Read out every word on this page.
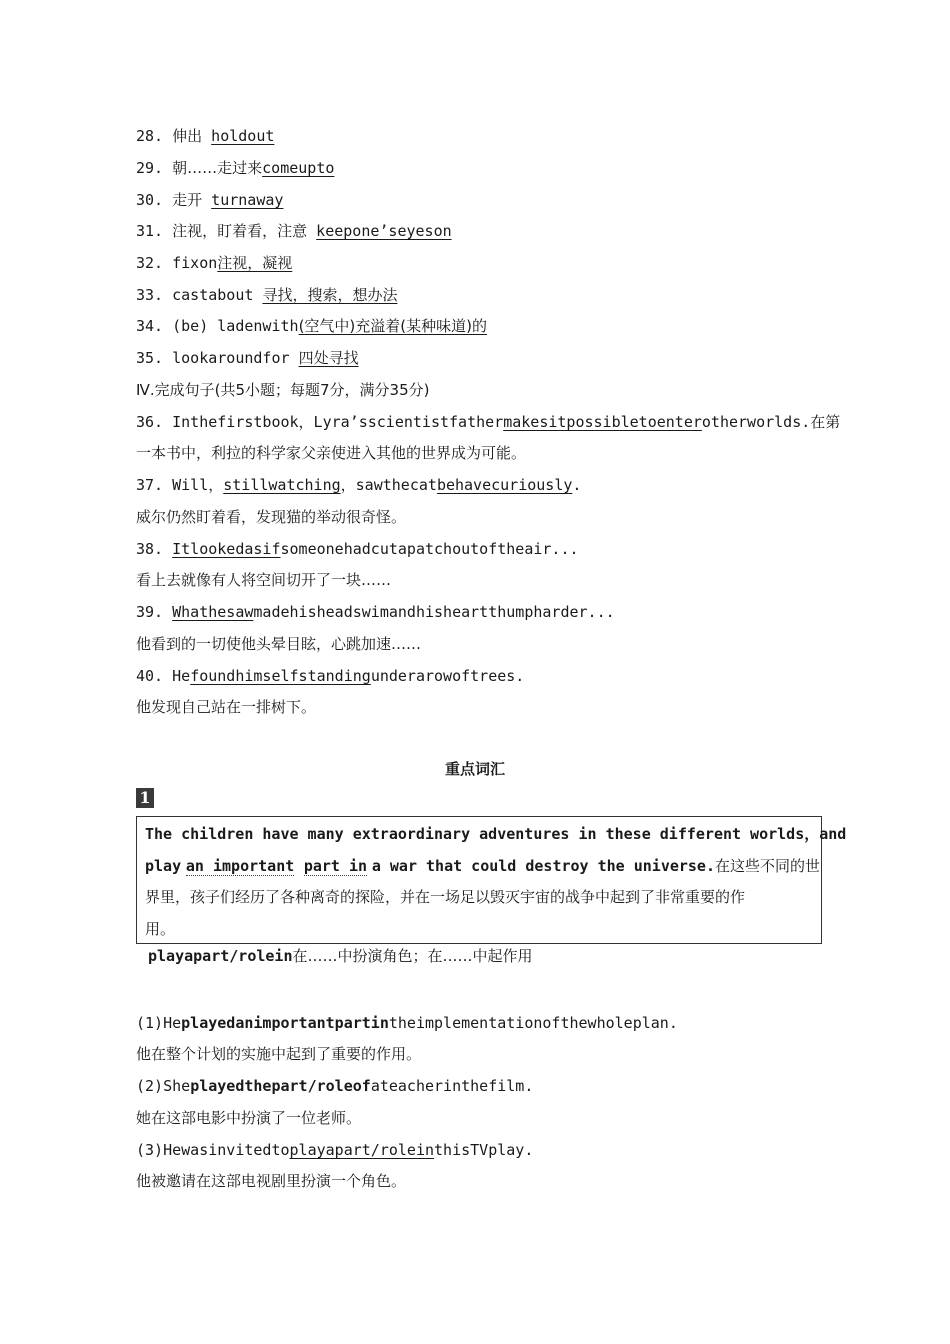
28. 伸出 holdout
29. 朝……走过来comeupto
30. 走开 turnaway
31. 注视，盯着看，注意 keepone’seyeson
32. fixon注视，凝视
33. castabout 寻找，搜索，想办法
34. (be) ladenwith(空气中)充溢着(某种味道)的
35. lookaroundfor 四处寻找
Ⅳ.完成句子(共5小题；每题7分，满分35分)
36. Inthefirstbook，Lyra’sscientistfathermakesitpossibletoenterotherworlds.在第
一本书中，利拉的科学家父亲使进入其他的世界成为可能。
37. Will，stillwatching，sawthecatbehavecuriously.
威尔仍然盯着看，发现猫的举动很奇怪。
38. Itlookedasifsomeonehadcutapatchoutoftheair...
看上去就像有人将空间切开了一块……
39. Whathesawmadehisheadswimandhisheartthumpharder...
他看到的一切使他头晕目眩，心跳加速……
40. Hefoundhimselfstandingunderarowoftrees.
他发现自己站在一排树下。
重点词汇
1
The children have many extraordinary adventures in these different worlds，and
play an important part in a war that could destroy the universe.在这些不同的世
界里，孩子们经历了各种离奇的探险，并在一场足以毁灭宇宙的战争中起到了非常重要的作
用。
playapart/rolein在……中扮演角色；在……中起作用
(1)Heplayedanimportantpartintheimplementationofthewholeplan.
他在整个计划的实施中起到了重要的作用。
(2)Sheplayedthepart/roleofateacherinthefilm.
她在这部电影中扮演了一位老师。
(3)Hewasinvitedtoplayapart/roleinthisTVplay.
他被邀请在这部电视剧里扮演一个角色。
